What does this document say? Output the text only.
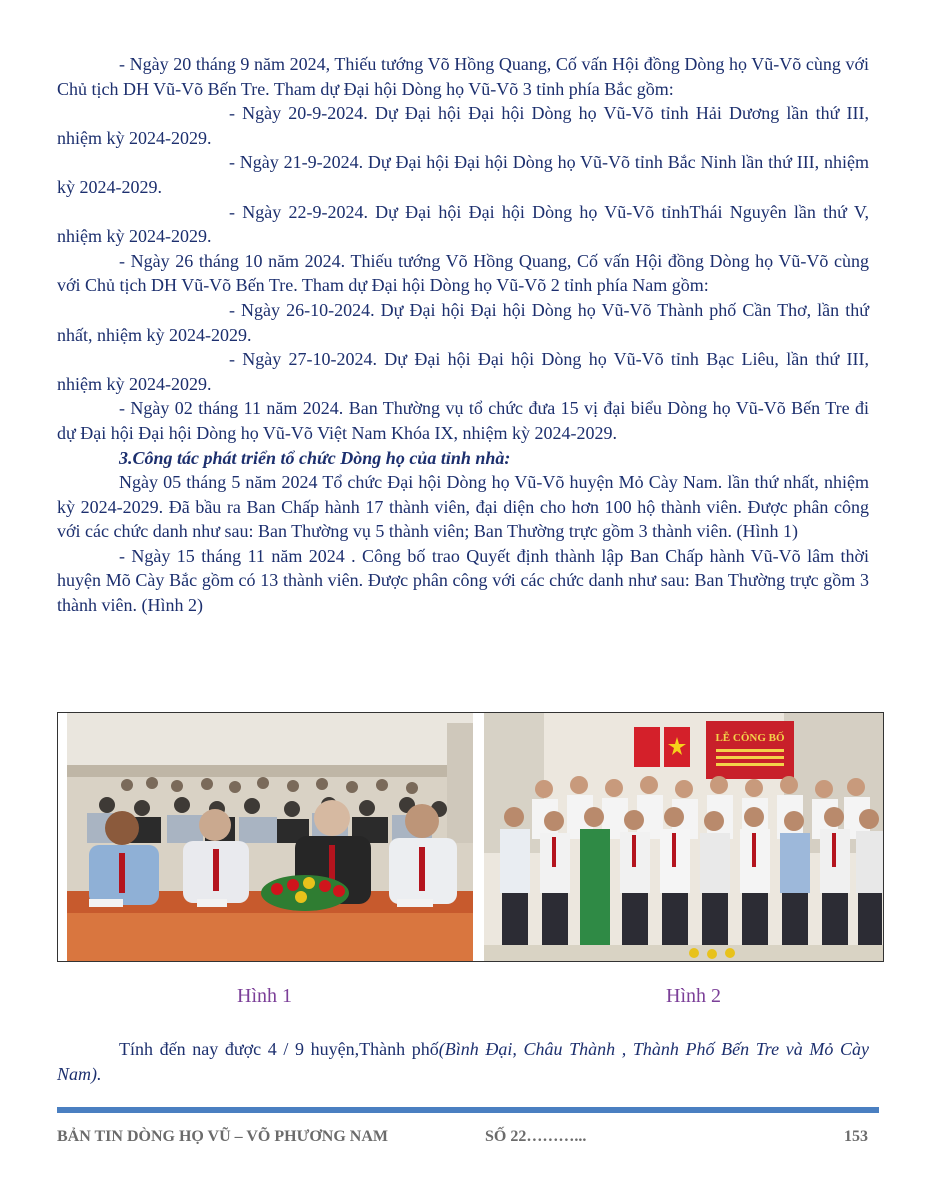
- Ngày 20 tháng 9 năm 2024, Thiếu tướng Võ Hồng Quang, Cố vấn Hội đồng Dòng họ Vũ-Võ cùng với Chủ tịch DH Vũ-Võ Bến Tre. Tham dự Đại hội Dòng họ Vũ-Võ 3 tỉnh phía Bắc gồm:

- Ngày 20-9-2024. Dự Đại hội Đại hội Dòng họ Vũ-Võ tỉnh Hải Dương lần thứ III, nhiệm kỳ 2024-2029.

- Ngày 21-9-2024. Dự Đại hội Đại hội Dòng họ Vũ-Võ tỉnh Bắc Ninh lần thứ III, nhiệm kỳ 2024-2029.

- Ngày 22-9-2024. Dự Đại hội Đại hội Dòng họ Vũ-Võ tỉnhThái Nguyên lần thứ V, nhiệm kỳ 2024-2029.

- Ngày 26 tháng 10 năm 2024. Thiếu tướng Võ Hồng Quang, Cố vấn Hội đồng Dòng họ Vũ-Võ cùng với Chủ tịch DH Vũ-Võ Bến Tre. Tham dự Đại hội Dòng họ Vũ-Võ 2 tỉnh phía Nam gồm:

- Ngày 26-10-2024. Dự Đại hội Đại hội Dòng họ Vũ-Võ Thành phố Cần Thơ, lần thứ nhất, nhiệm kỳ 2024-2029.

- Ngày 27-10-2024. Dự Đại hội Đại hội Dòng họ Vũ-Võ tỉnh Bạc Liêu, lần thứ III, nhiệm kỳ 2024-2029.

- Ngày 02 tháng 11 năm 2024. Ban Thường vụ tổ chức đưa 15 vị đại biểu Dòng họ Vũ-Võ Bến Tre đi dự Đại hội Đại hội Dòng họ Vũ-Võ Việt Nam Khóa IX, nhiệm kỳ 2024-2029.

3.Công tác phát triển tổ chức Dòng họ của tỉnh nhà:

Ngày 05 tháng 5 năm 2024 Tổ chức Đại hội Dòng họ Vũ-Võ huyện Mỏ Cày Nam. lần thứ nhất, nhiệm kỳ 2024-2029. Đã bầu ra Ban Chấp hành 17 thành viên, đại diện cho hơn 100 hộ thành viên. Được phân công với các chức danh như sau: Ban Thường vụ 5 thành viên; Ban Thường trực gồm 3 thành viên. (Hình 1)

- Ngày 15 tháng 11 năm 2024 . Công bố trao Quyết định thành lập Ban Chấp hành Vũ-Võ lâm thời huyện Mõ Cày Bắc gồm có 13 thành viên. Được phân công với các chức danh như sau: Ban Thường trực gồm 3 thành viên. (Hình 2)

LỄ CÔNG BỐ
Hình 1	Hình 2

Tính đến nay được 4 / 9 huyện,Thành phố(Bình Đại, Châu Thành , Thành Phố Bến Tre và Mỏ Cày Nam).

BẢN TIN DÒNG HỌ VŨ – VÕ PHƯƠNG NAM	SỐ 22………...	153
